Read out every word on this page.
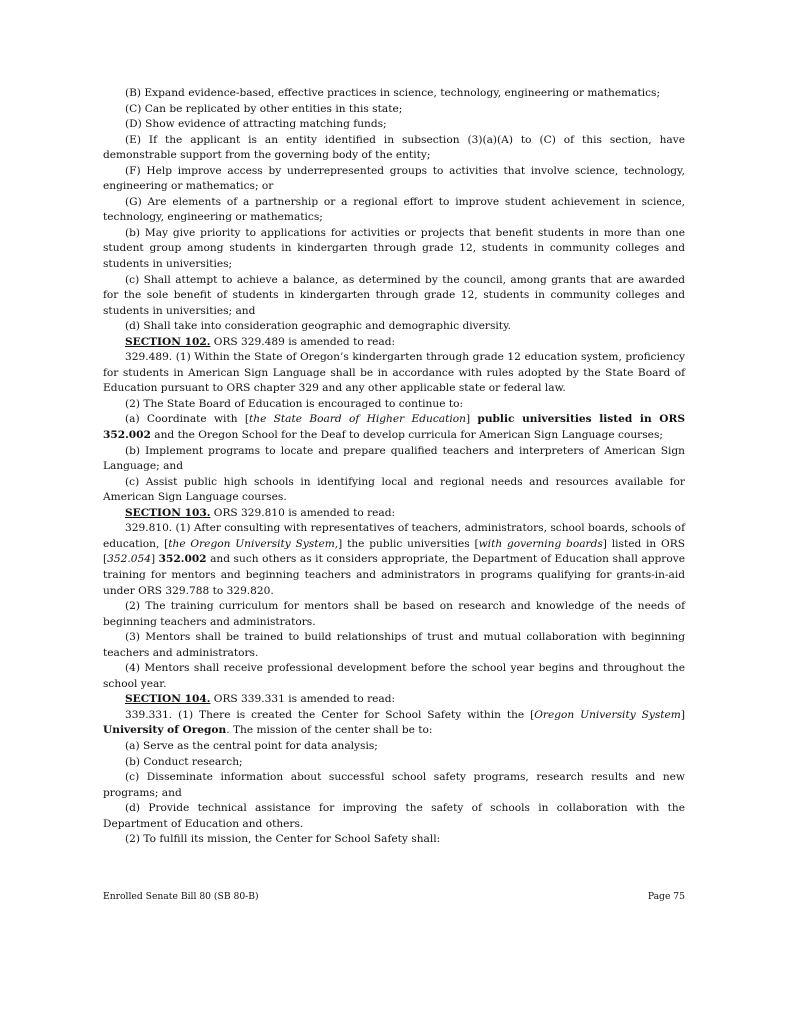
(B) Expand evidence-based, effective practices in science, technology, engineering or mathematics;

(C) Can be replicated by other entities in this state;

(D) Show evidence of attracting matching funds;

(E) If the applicant is an entity identified in subsection (3)(a)(A) to (C) of this section, have demonstrable support from the governing body of the entity;

(F) Help improve access by underrepresented groups to activities that involve science, technology, engineering or mathematics; or

(G) Are elements of a partnership or a regional effort to improve student achievement in science, technology, engineering or mathematics;

(b) May give priority to applications for activities or projects that benefit students in more than one student group among students in kindergarten through grade 12, students in community colleges and students in universities;

(c) Shall attempt to achieve a balance, as determined by the council, among grants that are awarded for the sole benefit of students in kindergarten through grade 12, students in community colleges and students in universities; and

(d) Shall take into consideration geographic and demographic diversity.

SECTION 102. ORS 329.489 is amended to read:

329.489. (1) Within the State of Oregon’s kindergarten through grade 12 education system, proficiency for students in American Sign Language shall be in accordance with rules adopted by the State Board of Education pursuant to ORS chapter 329 and any other applicable state or federal law.

(2) The State Board of Education is encouraged to continue to:

(a) Coordinate with [the State Board of Higher Education] public universities listed in ORS 352.002 and the Oregon School for the Deaf to develop curricula for American Sign Language courses;

(b) Implement programs to locate and prepare qualified teachers and interpreters of American Sign Language; and

(c) Assist public high schools in identifying local and regional needs and resources available for American Sign Language courses.

SECTION 103. ORS 329.810 is amended to read:

329.810. (1) After consulting with representatives of teachers, administrators, school boards, schools of education, [the Oregon University System,] the public universities [with governing boards] listed in ORS [352.054] 352.002 and such others as it considers appropriate, the Department of Education shall approve training for mentors and beginning teachers and administrators in programs qualifying for grants-in-aid under ORS 329.788 to 329.820.

(2) The training curriculum for mentors shall be based on research and knowledge of the needs of beginning teachers and administrators.

(3) Mentors shall be trained to build relationships of trust and mutual collaboration with beginning teachers and administrators.

(4) Mentors shall receive professional development before the school year begins and throughout the school year.

SECTION 104. ORS 339.331 is amended to read:

339.331. (1) There is created the Center for School Safety within the [Oregon University System] University of Oregon. The mission of the center shall be to:

(a) Serve as the central point for data analysis;

(b) Conduct research;

(c) Disseminate information about successful school safety programs, research results and new programs; and

(d) Provide technical assistance for improving the safety of schools in collaboration with the Department of Education and others.

(2) To fulfill its mission, the Center for School Safety shall:

Enrolled Senate Bill 80 (SB 80-B)	Page 75
